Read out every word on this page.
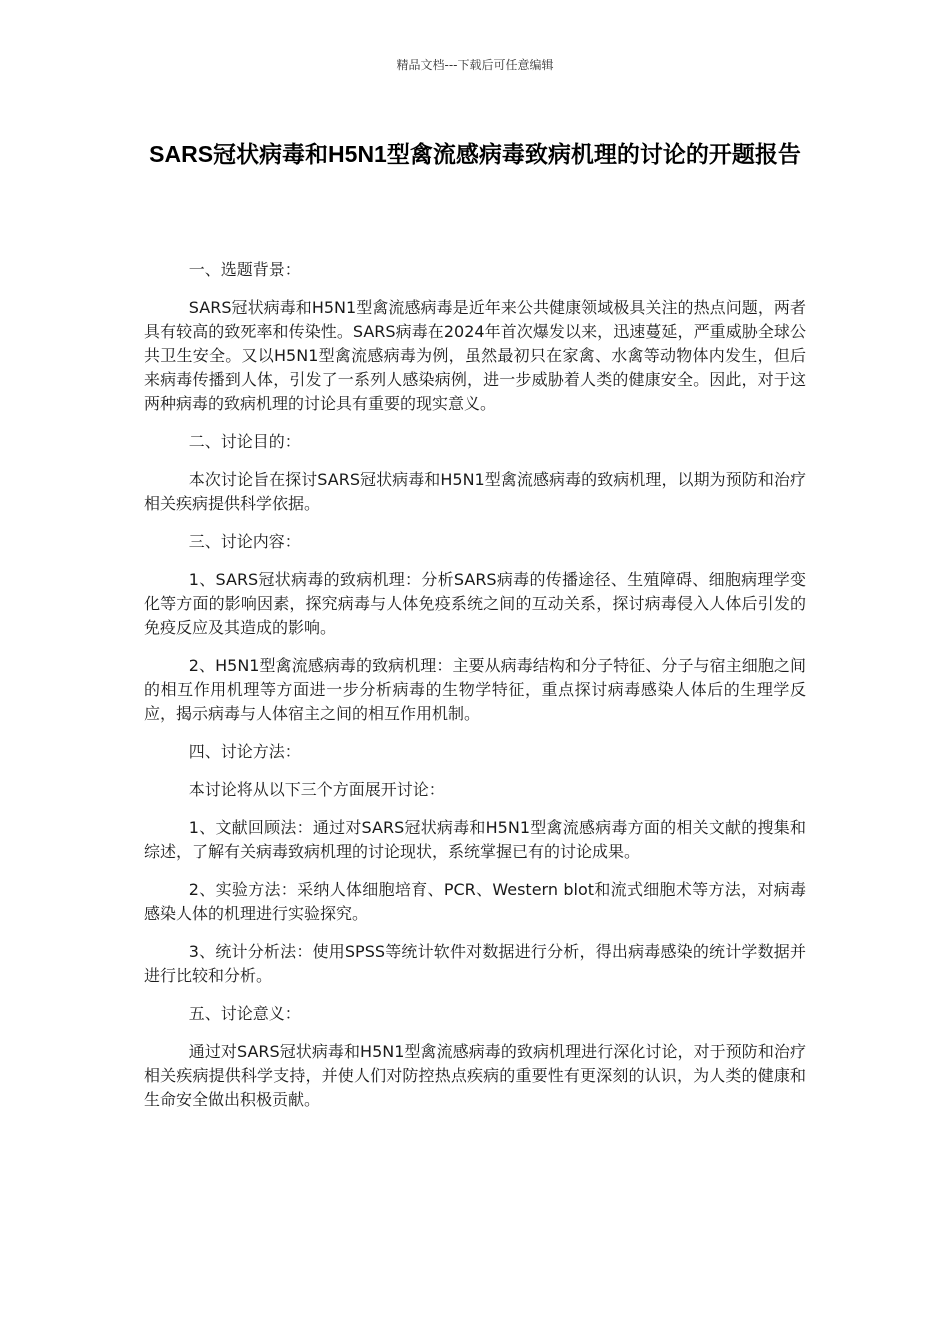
精品文档---下载后可任意编辑
SARS冠状病毒和H5N1型禽流感病毒致病机理的讨论的开题报告

一、选题背景：

SARS冠状病毒和H5N1型禽流感病毒是近年来公共健康领域极具关注的热点问题，两者具有较高的致死率和传染性。SARS病毒在2024年首次爆发以来，迅速蔓延，严重威胁全球公共卫生安全。又以H5N1型禽流感病毒为例，虽然最初只在家禽、水禽等动物体内发生，但后来病毒传播到人体，引发了一系列人感染病例，进一步威胁着人类的健康安全。因此，对于这两种病毒的致病机理的讨论具有重要的现实意义。

二、讨论目的：

本次讨论旨在探讨SARS冠状病毒和H5N1型禽流感病毒的致病机理，以期为预防和治疗相关疾病提供科学依据。

三、讨论内容：

1、SARS冠状病毒的致病机理：分析SARS病毒的传播途径、生殖障碍、细胞病理学变化等方面的影响因素，探究病毒与人体免疫系统之间的互动关系，探讨病毒侵入人体后引发的免疫反应及其造成的影响。

2、H5N1型禽流感病毒的致病机理：主要从病毒结构和分子特征、分子与宿主细胞之间的相互作用机理等方面进一步分析病毒的生物学特征，重点探讨病毒感染人体后的生理学反应，揭示病毒与人体宿主之间的相互作用机制。

四、讨论方法：

本讨论将从以下三个方面展开讨论：

1、文献回顾法：通过对SARS冠状病毒和H5N1型禽流感病毒方面的相关文献的搜集和综述，了解有关病毒致病机理的讨论现状，系统掌握已有的讨论成果。

2、实验方法：采纳人体细胞培育、PCR、Western blot和流式细胞术等方法，对病毒感染人体的机理进行实验探究。

3、统计分析法：使用SPSS等统计软件对数据进行分析，得出病毒感染的统计学数据并进行比较和分析。

五、讨论意义：

通过对SARS冠状病毒和H5N1型禽流感病毒的致病机理进行深化讨论，对于预防和治疗相关疾病提供科学支持，并使人们对防控热点疾病的重要性有更深刻的认识，为人类的健康和生命安全做出积极贡献。
